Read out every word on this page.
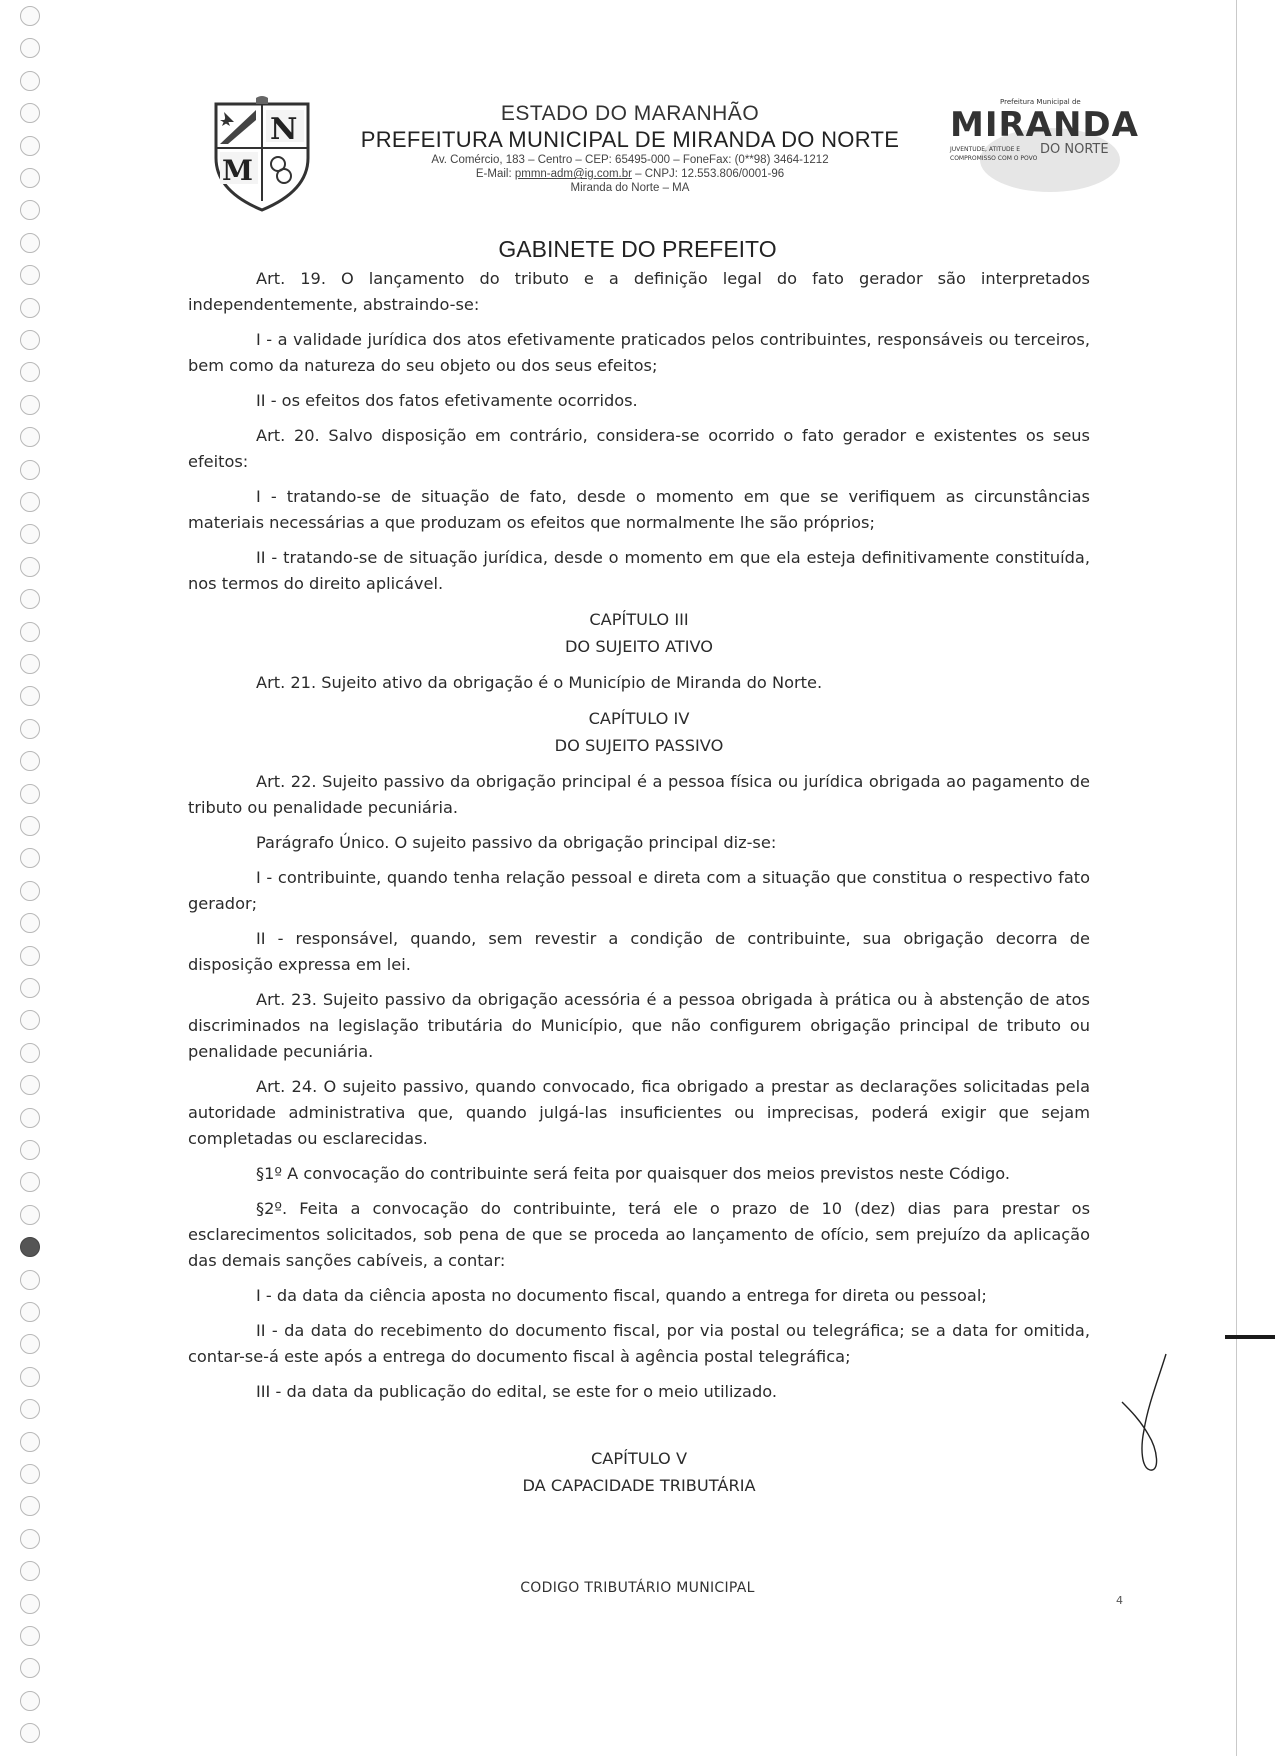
N
M
ESTADO DO MARANHÃO
PREFEITURA MUNICIPAL DE MIRANDA DO NORTE
Av. Comércio, 183 – Centro – CEP: 65495-000 – FoneFax: (0**98) 3464-1212
E-Mail: pmmn-adm@ig.com.br – CNPJ: 12.553.806/0001-96
Miranda do Norte – MA
Prefeitura Municipal de
MIRANDA
DO NORTE
JUVENTUDE, ATITUDE E
COMPROMISSO COM O POVO
GABINETE DO PREFEITO

Art. 19. O lançamento do tributo e a definição legal do fato gerador são interpretados independentemente, abstraindo-se:

I - a validade jurídica dos atos efetivamente praticados pelos contribuintes, responsáveis ou terceiros, bem como da natureza do seu objeto ou dos seus efeitos;

II - os efeitos dos fatos efetivamente ocorridos.

Art. 20. Salvo disposição em contrário, considera-se ocorrido o fato gerador e existentes os seus efeitos:

I - tratando-se de situação de fato, desde o momento em que se verifiquem as circunstâncias materiais necessárias a que produzam os efeitos que normalmente lhe são próprios;

II - tratando-se de situação jurídica, desde o momento em que ela esteja definitivamente constituída, nos termos do direito aplicável.

CAPÍTULO III

DO SUJEITO ATIVO

Art. 21. Sujeito ativo da obrigação é o Município de Miranda do Norte.

CAPÍTULO IV

DO SUJEITO PASSIVO

Art. 22. Sujeito passivo da obrigação principal é a pessoa física ou jurídica obrigada ao pagamento de tributo ou penalidade pecuniária.

Parágrafo Único. O sujeito passivo da obrigação principal diz-se:

I - contribuinte, quando tenha relação pessoal e direta com a situação que constitua o respectivo fato gerador;

II - responsável, quando, sem revestir a condição de contribuinte, sua obrigação decorra de disposição expressa em lei.

Art. 23. Sujeito passivo da obrigação acessória é a pessoa obrigada à prática ou à abstenção de atos discriminados na legislação tributária do Município, que não configurem obrigação principal de tributo ou penalidade pecuniária.

Art. 24. O sujeito passivo, quando convocado, fica obrigado a prestar as declarações solicitadas pela autoridade administrativa que, quando julgá-las insuficientes ou imprecisas, poderá exigir que sejam completadas ou esclarecidas.

§1º A convocação do contribuinte será feita por quaisquer dos meios previstos neste Código.

§2º. Feita a convocação do contribuinte, terá ele o prazo de 10 (dez) dias para prestar os esclarecimentos solicitados, sob pena de que se proceda ao lançamento de ofício, sem prejuízo da aplicação das demais sanções cabíveis, a contar:

I - da data da ciência aposta no documento fiscal, quando a entrega for direta ou pessoal;

II - da data do recebimento do documento fiscal, por via postal ou telegráfica; se a data for omitida, contar-se-á este após a entrega do documento fiscal à agência postal telegráfica;

III - da data da publicação do edital, se este for o meio utilizado.

CAPÍTULO V

DA CAPACIDADE TRIBUTÁRIA

CODIGO TRIBUTÁRIO MUNICIPAL
4
